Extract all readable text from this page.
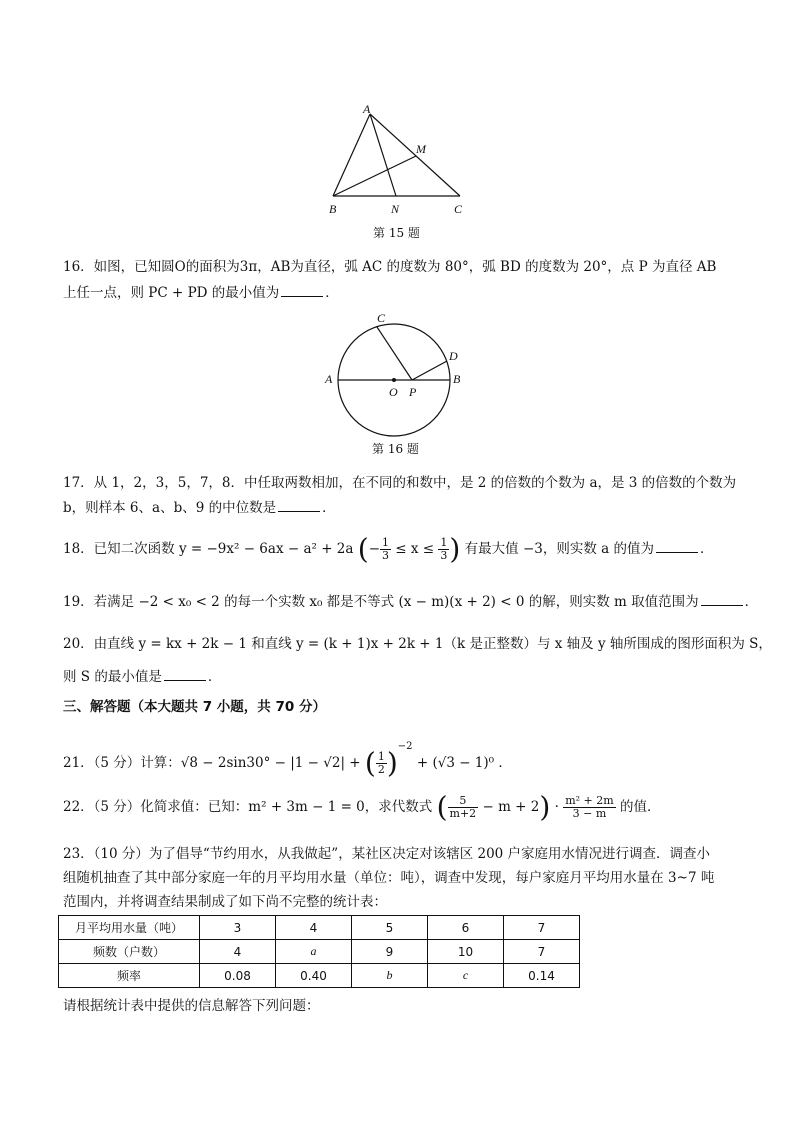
A
M
B	N	C
第 15 题
16．如图，已知圆O的面积为3π，AB为直径，弧 AC 的度数为 80°，弧 BD 的度数为 20°，点 P 为直径 AB
上任一点，则 PC + PD 的最小值为	．
C
D
A	B
O P
第 16 题
17．从 1，2，3，5，7，8．中任取两数相加，在不同的和数中，是 2 的倍数的个数为 a，是 3 的倍数的个数为
b，则样本 6、a、b、9 的中位数是	．
18．已知二次函数 y = −9x² − 6ax − a² + 2a (− $\frac{1}{3} \le x \le \frac{1}{3}$ ) 有最大值 −3，则实数 a 的值为	．
19．若满足 −2 < x₀ < 2 的每一个实数 x₀ 都是不等式 (x − m)(x + 2) < 0 的解，则实数 m 取值范围为	．
20．由直线 y = kx + 2k − 1 和直线 y = (k + 1)x + 2k + 1（k 是正整数）与 x 轴及 y 轴所围成的图形面积为 S，
则 S 的最小值是	．
三、解答题（本大题共 7 小题，共 70 分）
21．（5 分）计算：√8 − 2sin30° − |1 − √2| + ( $\frac{1}{2} )^{-2} + (√3 - 1)^0$ ．
22．（5 分）化简求值：已知：m² + 3m − 1 = 0，求代数式 ( $\frac{5}{m+2} - m + 2) \cdot \frac{\text{m² + 2m}}{3 - m}$ 的值．
23．（10 分）为了倡导“节约用水，从我做起”，某社区决定对该辖区 200 户家庭用水情况进行调查．调查小
组随机抽查了其中部分家庭一年的月平均用水量（单位：吨），调查中发现，每户家庭月平均用水量在 3~7 吨
范围内，并将调查结果制成了如下尚不完整的统计表：
月平均用水量（吨）	3	4	5	6	7
频数（户数）	4	a	9	10	7
频率	0.08	0.40	b	c	0.14
请根据统计表中提供的信息解答下列问题：
